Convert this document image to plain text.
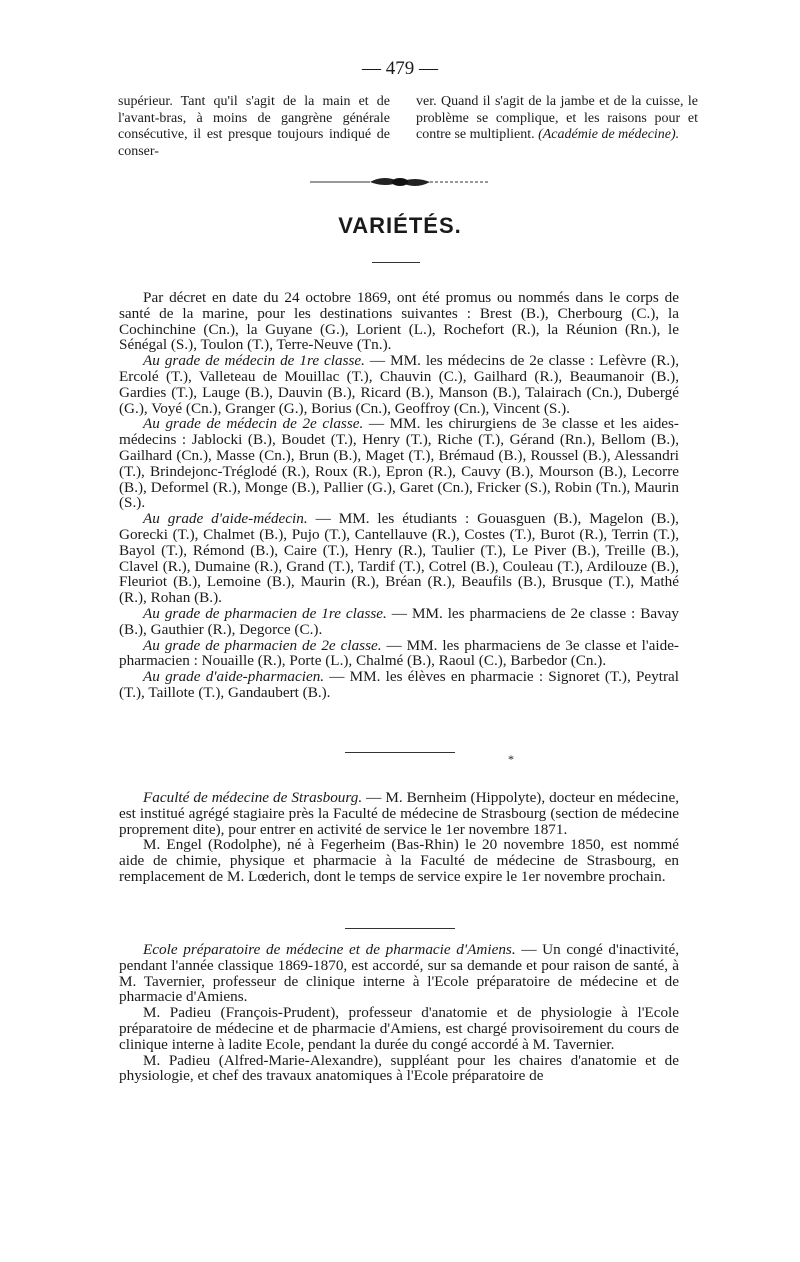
— 479 —
supérieur. Tant qu'il s'agit de la main et de l'avant-bras, à moins de gangrène générale consécutive, il est presque toujours indiqué de conser-
ver. Quand il s'agit de la jambe et de la cuisse, le problème se complique, et les raisons pour et contre se multiplient. (Académie de médecine).
VARIÉTÉS.

Par décret en date du 24 octobre 1869, ont été promus ou nommés dans le corps de santé de la marine, pour les destinations suivantes : Brest (B.), Cherbourg (C.), la Cochinchine (Cn.), la Guyane (G.), Lorient (L.), Rochefort (R.), la Réunion (Rn.), le Sénégal (S.), Toulon (T.), Terre-Neuve (Tn.).

Au grade de médecin de 1re classe. — MM. les médecins de 2e classe : Lefèvre (R.), Ercolé (T.), Valleteau de Mouillac (T.), Chauvin (C.), Gailhard (R.), Beaumanoir (B.), Gardies (T.), Lauge (B.), Dauvin (B.), Ricard (B.), Manson (B.), Talairach (Cn.), Dubergé (G.), Voyé (Cn.), Granger (G.), Borius (Cn.), Geoffroy (Cn.), Vincent (S.).

Au grade de médecin de 2e classe. — MM. les chirurgiens de 3e classe et les aides-médecins : Jablocki (B.), Boudet (T.), Henry (T.), Riche (T.), Gérand (Rn.), Bellom (B.), Gailhard (Cn.), Masse (Cn.), Brun (B.), Maget (T.), Brémaud (B.), Roussel (B.), Alessandri (T.), Brindejonc-Tréglodé (R.), Roux (R.), Epron (R.), Cauvy (B.), Mourson (B.), Lecorre (B.), Deformel (R.), Monge (B.), Pallier (G.), Garet (Cn.), Fricker (S.), Robin (Tn.), Maurin (S.).

Au grade d'aide-médecin. — MM. les étudiants : Gouasguen (B.), Magelon (B.), Gorecki (T.), Chalmet (B.), Pujo (T.), Cantellauve (R.), Costes (T.), Burot (R.), Terrin (T.), Bayol (T.), Rémond (B.), Caire (T.), Henry (R.), Taulier (T.), Le Piver (B.), Treille (B.), Clavel (R.), Dumaine (R.), Grand (T.), Tardif (T.), Cotrel (B.), Couleau (T.), Ardilouze (B.), Fleuriot (B.), Lemoine (B.), Maurin (R.), Bréan (R.), Beaufils (B.), Brusque (T.), Mathé (R.), Rohan (B.).

Au grade de pharmacien de 1re classe. — MM. les pharmaciens de 2e classe : Bavay (B.), Gauthier (R.), Degorce (C.).

Au grade de pharmacien de 2e classe. — MM. les pharmaciens de 3e classe et l'aide-pharmacien : Nouaille (R.), Porte (L.), Chalmé (B.), Raoul (C.), Barbedor (Cn.).

Au grade d'aide-pharmacien. — MM. les élèves en pharmacie : Signoret (T.), Peytral (T.), Taillote (T.), Gandaubert (B.).

*

Faculté de médecine de Strasbourg. — M. Bernheim (Hippolyte), docteur en médecine, est institué agrégé stagiaire près la Faculté de médecine de Strasbourg (section de médecine proprement dite), pour entrer en activité de service le 1er novembre 1871.

M. Engel (Rodolphe), né à Fegerheim (Bas-Rhin) le 20 novembre 1850, est nommé aide de chimie, physique et pharmacie à la Faculté de médecine de Strasbourg, en remplacement de M. Lœderich, dont le temps de service expire le 1er novembre prochain.

Ecole préparatoire de médecine et de pharmacie d'Amiens. — Un congé d'inactivité, pendant l'année classique 1869-1870, est accordé, sur sa demande et pour raison de santé, à M. Tavernier, professeur de clinique interne à l'Ecole préparatoire de médecine et de pharmacie d'Amiens.

M. Padieu (François-Prudent), professeur d'anatomie et de physiologie à l'Ecole préparatoire de médecine et de pharmacie d'Amiens, est chargé provisoirement du cours de clinique interne à ladite Ecole, pendant la durée du congé accordé à M. Tavernier.

M. Padieu (Alfred-Marie-Alexandre), suppléant pour les chaires d'anatomie et de physiologie, et chef des travaux anatomiques à l'Ecole préparatoire de
